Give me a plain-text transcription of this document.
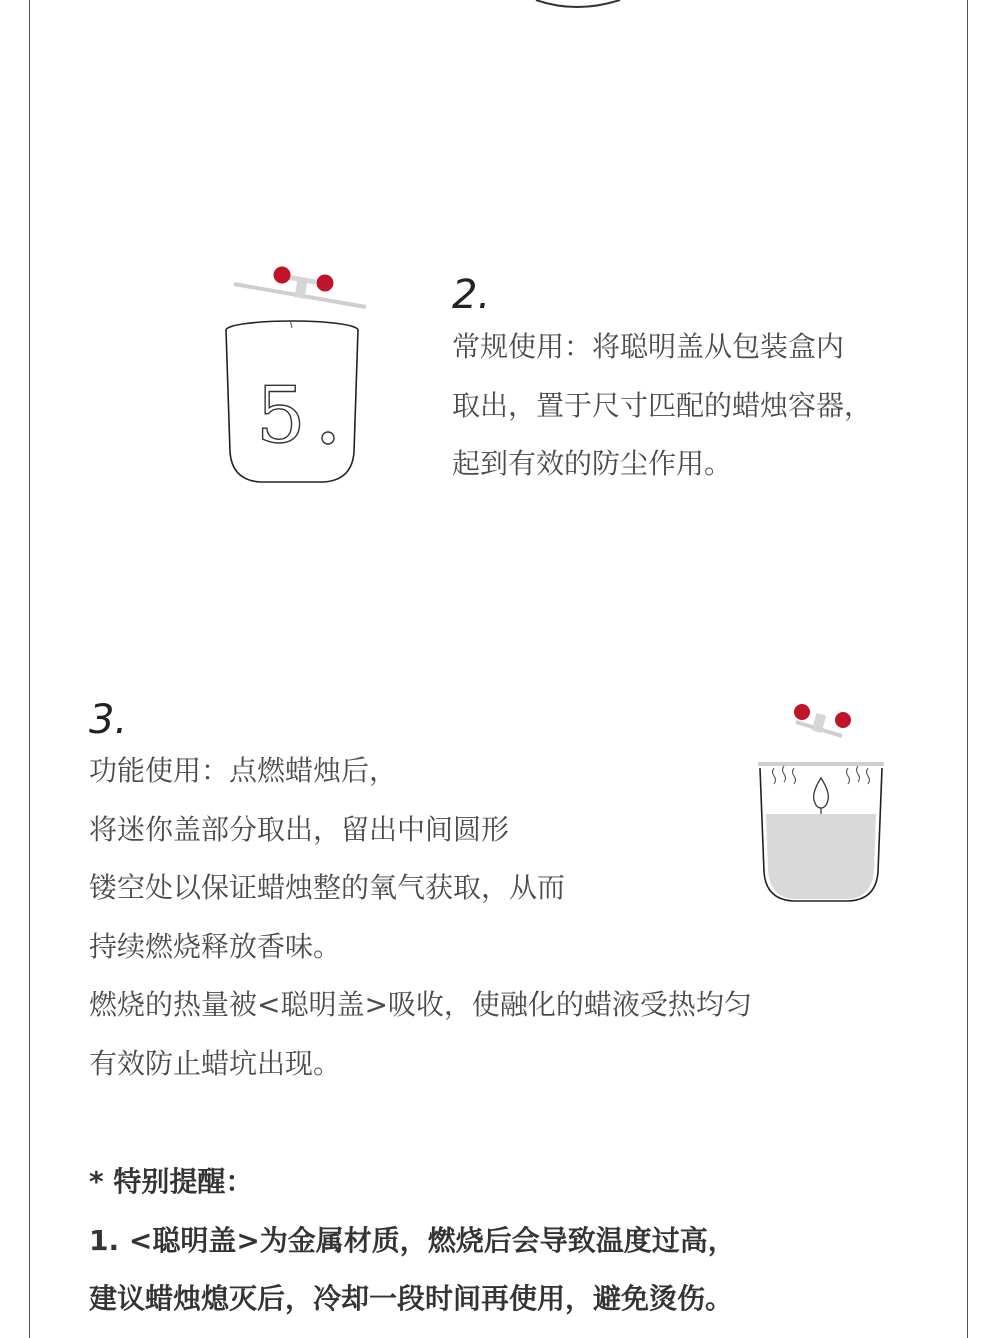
5
2.
常规使用：将聪明盖从包装盒内
取出，置于尺寸匹配的蜡烛容器，
起到有效的防尘作用。
3.
功能使用：点燃蜡烛后，
将迷你盖部分取出，留出中间圆形
镂空处以保证蜡烛整的氧气获取，从而
持续燃烧释放香味。
燃烧的热量被<聪明盖>吸收，使融化的蜡液受热均匀
有效防止蜡坑出现。
* 特别提醒：
1. <聪明盖>为金属材质，燃烧后会导致温度过高，
建议蜡烛熄灭后，冷却一段时间再使用，避免烫伤。
